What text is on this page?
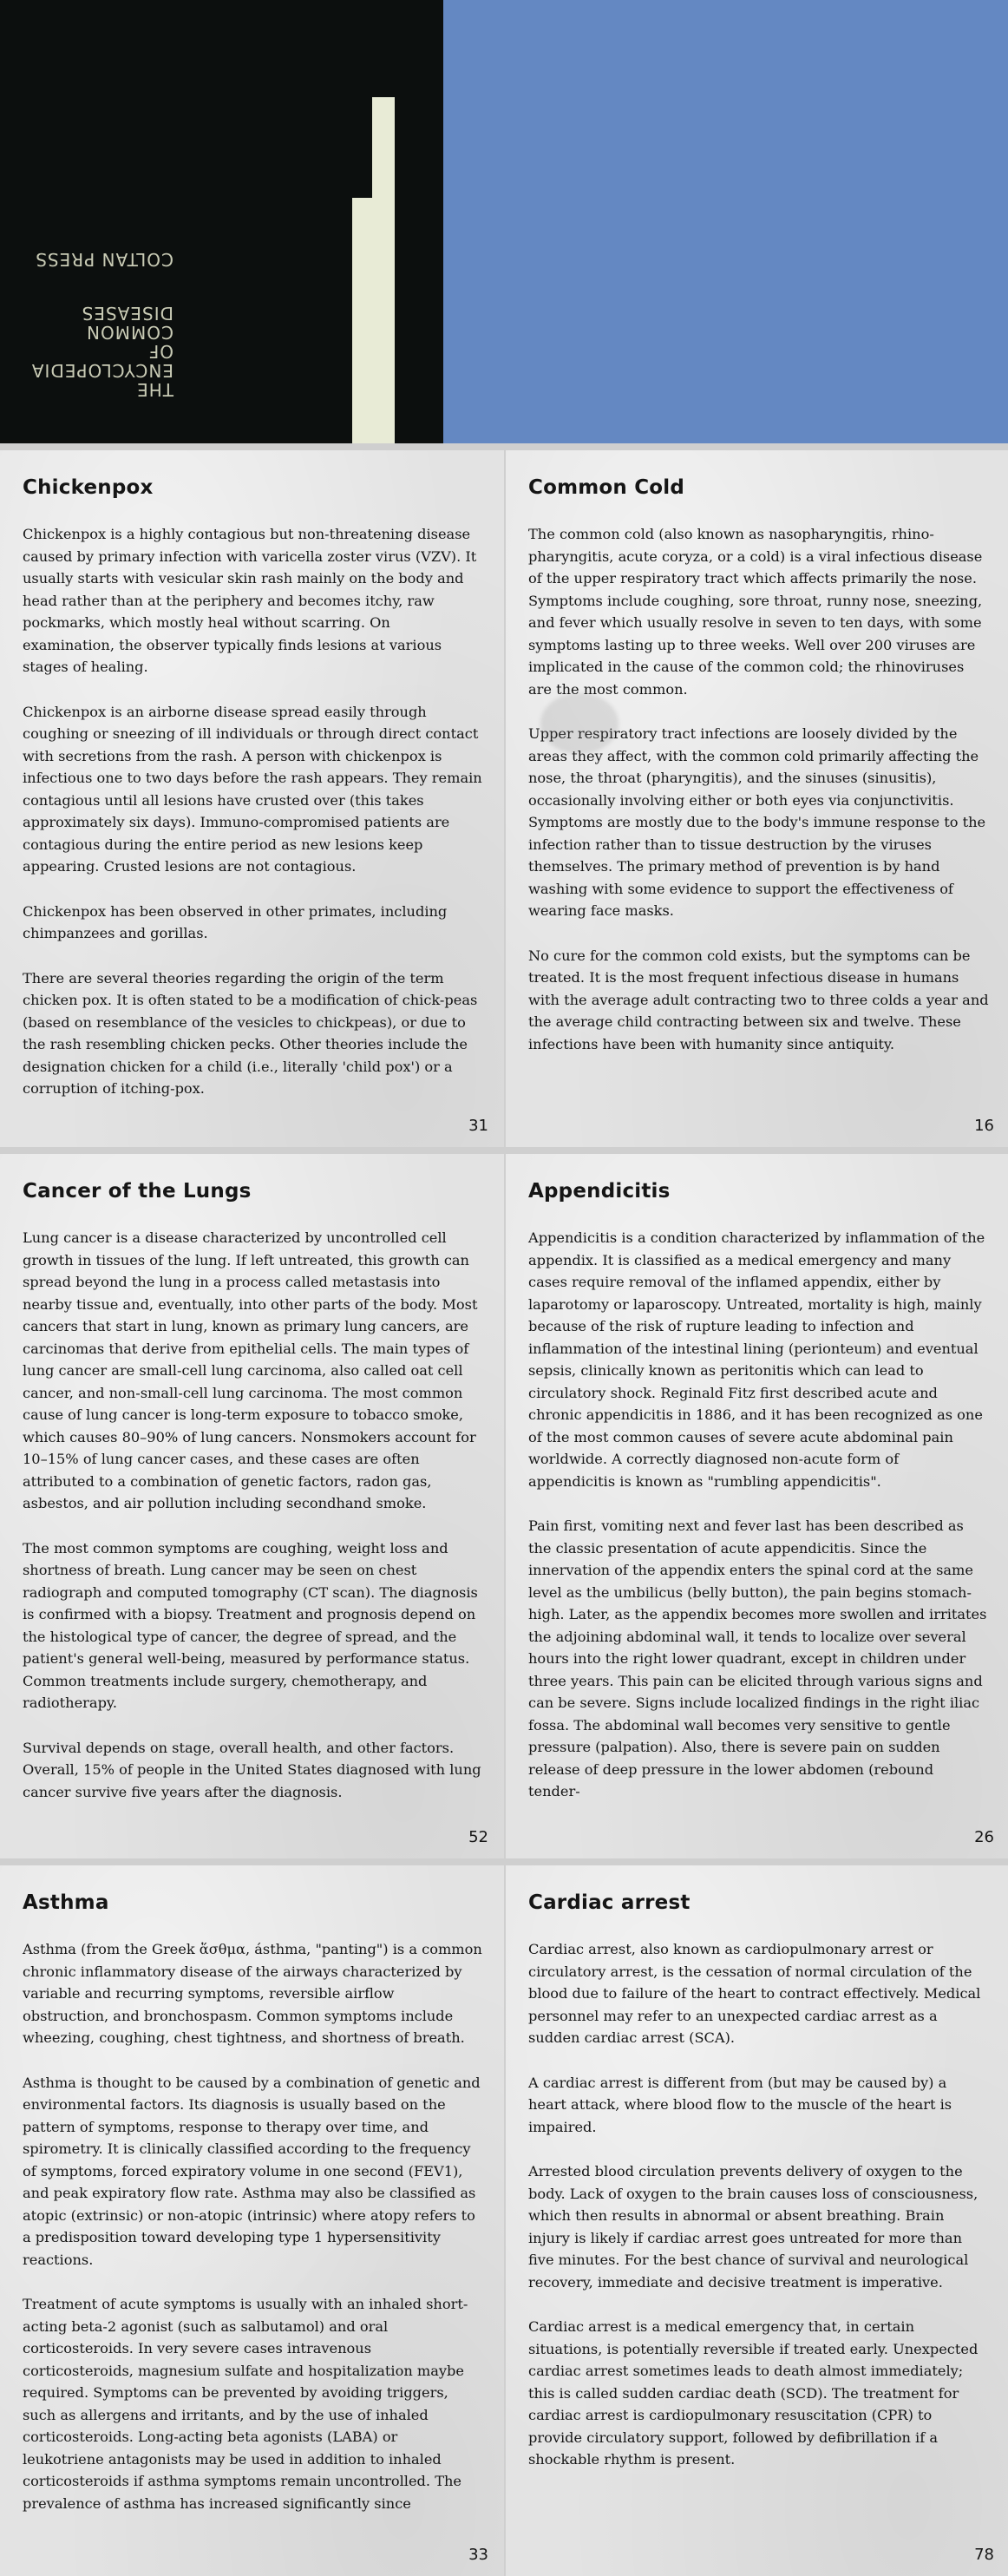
THE
ENCYCLOPEDIA
OF
COMMON
DISEASES
COLTAN PRESS
Chickenpox

Chickenpox is a highly contagious but non-threatening disease caused by primary infection with varicella zoster virus (VZV). It usually starts with vesicular skin rash mainly on the body and head rather than at the periphery and becomes itchy, raw pockmarks, which mostly heal without scarring. On examination, the observer typically finds lesions at various stages of healing.

Chickenpox is an airborne disease spread easily through coughing or sneezing of ill individuals or through direct contact with secretions from the rash. A person with chickenpox is infectious one to two days before the rash appears. They remain contagious until all lesions have crusted over (this takes approximately six days). Immuno-compromised patients are contagious during the entire period as new lesions keep appearing. Crusted lesions are not contagious.

Chickenpox has been observed in other primates, including chimpanzees and gorillas.

There are several theories regarding the origin of the term chicken pox. It is often stated to be a modification of chick-peas (based on resemblance of the vesicles to chickpeas), or due to the rash resembling chicken pecks. Other theories include the designation chicken for a child (i.e., literally 'child pox') or a corruption of itching-pox.

31
Common Cold

The common cold (also known as nasopharyngitis, rhino-pharyngitis, acute coryza, or a cold) is a viral infectious disease of the upper respiratory tract which affects primarily the nose. Symptoms include coughing, sore throat, runny nose, sneezing, and fever which usually resolve in seven to ten days, with some symptoms lasting up to three weeks. Well over 200 viruses are implicated in the cause of the common cold; the rhinoviruses are the most common.

Upper respiratory tract infections are loosely divided by the areas they affect, with the common cold primarily affecting the nose, the throat (pharyngitis), and the sinuses (sinusitis), occasionally involving either or both eyes via conjunctivitis. Symptoms are mostly due to the body's immune response to the infection rather than to tissue destruction by the viruses themselves. The primary method of prevention is by hand washing with some evidence to support the effectiveness of wearing face masks.

No cure for the common cold exists, but the symptoms can be treated. It is the most frequent infectious disease in humans with the average adult contracting two to three colds a year and the average child contracting between six and twelve. These infections have been with humanity since antiquity.

16
Cancer of the Lungs

Lung cancer is a disease characterized by uncontrolled cell growth in tissues of the lung. If left untreated, this growth can spread beyond the lung in a process called metastasis into nearby tissue and, eventually, into other parts of the body. Most cancers that start in lung, known as primary lung cancers, are carcinomas that derive from epithelial cells. The main types of lung cancer are small-cell lung carcinoma, also called oat cell cancer, and non-small-cell lung carcinoma. The most common cause of lung cancer is long-term exposure to tobacco smoke, which causes 80–90% of lung cancers. Nonsmokers account for 10–15% of lung cancer cases, and these cases are often attributed to a combination of genetic factors, radon gas, asbestos, and air pollution including secondhand smoke.

The most common symptoms are coughing, weight loss and shortness of breath. Lung cancer may be seen on chest radiograph and computed tomography (CT scan). The diagnosis is confirmed with a biopsy. Treatment and prognosis depend on the histological type of cancer, the degree of spread, and the patient's general well-being, measured by performance status. Common treatments include surgery, chemotherapy, and radiotherapy.

Survival depends on stage, overall health, and other factors. Overall, 15% of people in the United States diagnosed with lung cancer survive five years after the diagnosis.

52
Appendicitis

Appendicitis is a condition characterized by inflammation of the appendix. It is classified as a medical emergency and many cases require removal of the inflamed appendix, either by laparotomy or laparoscopy. Untreated, mortality is high, mainly because of the risk of rupture leading to infection and inflammation of the intestinal lining (perionteum) and eventual sepsis, clinically known as peritonitis which can lead to circulatory shock. Reginald Fitz first described acute and chronic appendicitis in 1886, and it has been recognized as one of the most common causes of severe acute abdominal pain worldwide. A correctly diagnosed non-acute form of appendicitis is known as "rumbling appendicitis".

Pain first, vomiting next and fever last has been described as the classic presentation of acute appendicitis. Since the innervation of the appendix enters the spinal cord at the same level as the umbilicus (belly button), the pain begins stomach-high. Later, as the appendix becomes more swollen and irritates the adjoining abdominal wall, it tends to localize over several hours into the right lower quadrant, except in children under three years. This pain can be elicited through various signs and can be severe. Signs include localized findings in the right iliac fossa. The abdominal wall becomes very sensitive to gentle pressure (palpation). Also, there is severe pain on sudden release of deep pressure in the lower abdomen (rebound tender-

26
Asthma

Asthma (from the Greek ἅσθμα, ásthma, "panting") is a common chronic inflammatory disease of the airways characterized by variable and recurring symptoms, reversible airflow obstruction, and bronchospasm. Common symptoms include wheezing, coughing, chest tightness, and shortness of breath.

Asthma is thought to be caused by a combination of genetic and environmental factors. Its diagnosis is usually based on the pattern of symptoms, response to therapy over time, and spirometry. It is clinically classified according to the frequency of symptoms, forced expiratory volume in one second (FEV1), and peak expiratory flow rate. Asthma may also be classified as atopic (extrinsic) or non-atopic (intrinsic) where atopy refers to a predisposition toward developing type 1 hypersensitivity reactions.

Treatment of acute symptoms is usually with an inhaled short-acting beta-2 agonist (such as salbutamol) and oral corticosteroids. In very severe cases intravenous corticosteroids, magnesium sulfate and hospitalization maybe required. Symptoms can be prevented by avoiding triggers, such as allergens and irritants, and by the use of inhaled corticosteroids. Long-acting beta agonists (LABA) or leukotriene antagonists may be used in addition to inhaled corticosteroids if asthma symptoms remain uncontrolled. The prevalence of asthma has increased significantly since

33
Cardiac arrest

Cardiac arrest, also known as cardiopulmonary arrest or circulatory arrest, is the cessation of normal circulation of the blood due to failure of the heart to contract effectively. Medical personnel may refer to an unexpected cardiac arrest as a sudden cardiac arrest (SCA).

A cardiac arrest is different from (but may be caused by) a heart attack, where blood flow to the muscle of the heart is impaired.

Arrested blood circulation prevents delivery of oxygen to the body. Lack of oxygen to the brain causes loss of consciousness, which then results in abnormal or absent breathing. Brain injury is likely if cardiac arrest goes untreated for more than five minutes. For the best chance of survival and neurological recovery, immediate and decisive treatment is imperative.

Cardiac arrest is a medical emergency that, in certain situations, is potentially reversible if treated early. Unexpected cardiac arrest sometimes leads to death almost immediately; this is called sudden cardiac death (SCD). The treatment for cardiac arrest is cardiopulmonary resuscitation (CPR) to provide circulatory support, followed by defibrillation if a shockable rhythm is present.

78
